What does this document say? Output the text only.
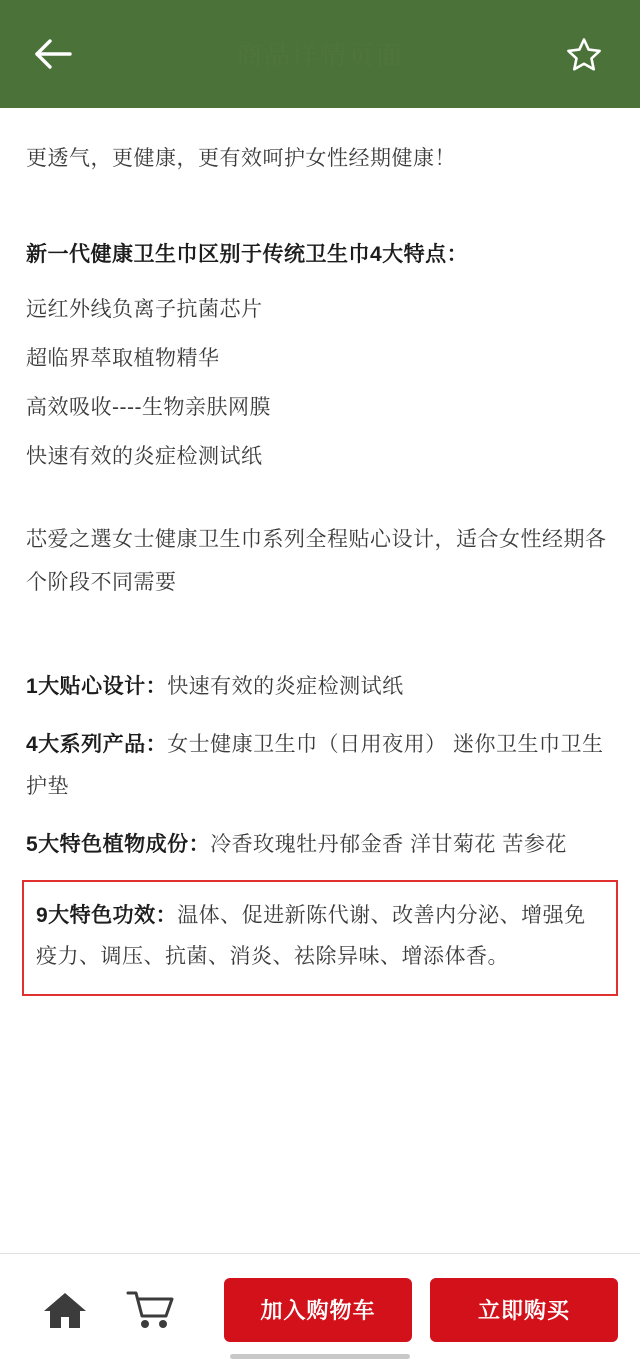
商品详情页面
更透气，更健康，更有效呵护女性经期健康！
新一代健康卫生巾区别于传统卫生巾4大特点：
远红外线负离子抗菌芯片
超临界萃取植物精华
高效吸收----生物亲肤网膜
快速有效的炎症检测试纸
芯爱之選女士健康卫生巾系列全程贴心设计，适合女性经期各个阶段不同需要
1大贴心设计：快速有效的炎症检测试纸
4大系列产品：女士健康卫生巾（日用夜用） 迷你卫生巾卫生护垫
5大特色植物成份：冷香玫瑰牡丹郁金香 洋甘菊花 苦参花
9大特色功效：温体、促进新陈代谢、改善内分泌、增强免疫力、调压、抗菌、消炎、祛除异味、增添体香。
加入购物车	立即购买
